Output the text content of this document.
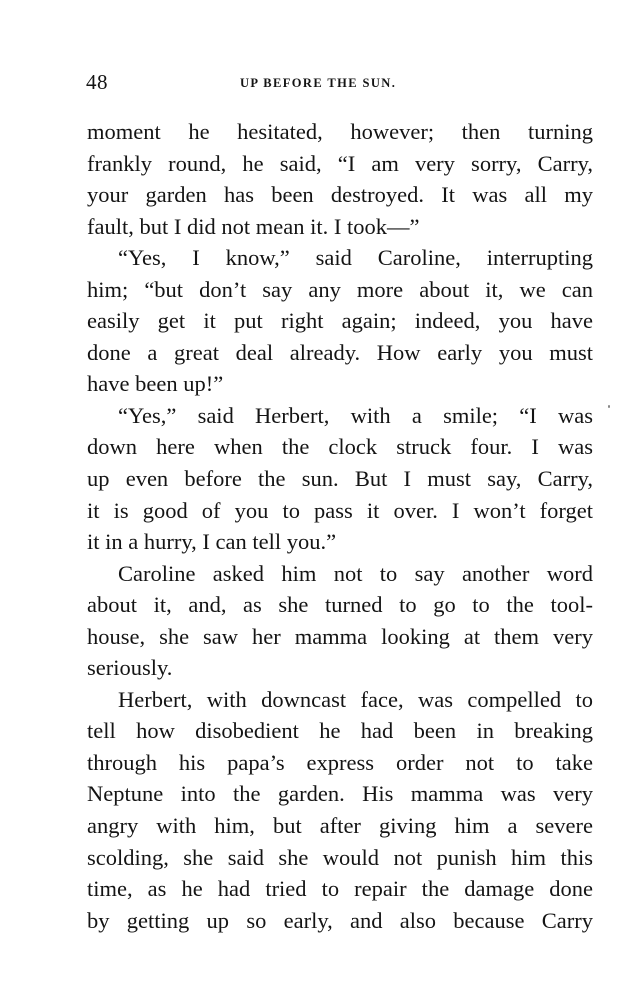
48	UP BEFORE THE SUN.
moment he hesitated, however; then turning
frankly round, he said, “I am very sorry, Carry,
your garden has been destroyed. It was all my
fault, but I did not mean it. I took—”
“Yes, I know,” said Caroline, interrupting
him; “but don’t say any more about it, we can
easily get it put right again; indeed, you have
done a great deal already. How early you must
have been up!”
“Yes,” said Herbert, with a smile; “I was
down here when the clock struck four. I was
up even before the sun. But I must say, Carry,
it is good of you to pass it over. I won’t forget
it in a hurry, I can tell you.”
Caroline asked him not to say another word
about it, and, as she turned to go to the tool-
house, she saw her mamma looking at them very
seriously.
Herbert, with downcast face, was compelled to
tell how disobedient he had been in breaking
through his papa’s express order not to take
Neptune into the garden. His mamma was very
angry with him, but after giving him a severe
scolding, she said she would not punish him this
time, as he had tried to repair the damage done
by getting up so early, and also because Carry
